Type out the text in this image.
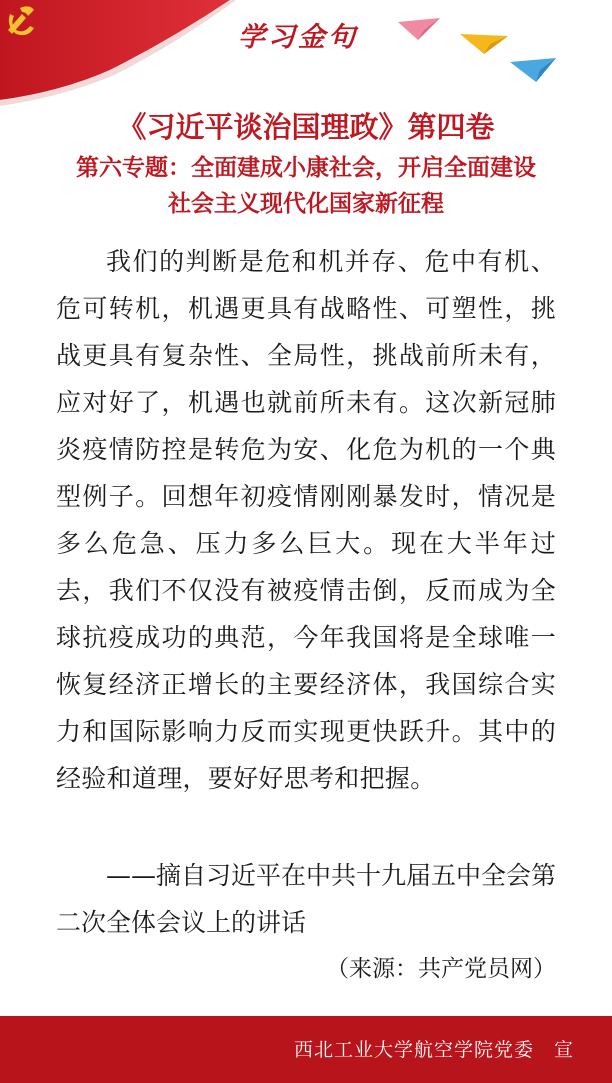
学习金句
《习近平谈治国理政》第四卷
第六专题：全面建成小康社会，开启全面建设
社会主义现代化国家新征程
我们的判断是危和机并存、危中有机、危可转机，机遇更具有战略性、可塑性，挑战更具有复杂性、全局性，挑战前所未有，应对好了，机遇也就前所未有。这次新冠肺炎疫情防控是转危为安、化危为机的一个典型例子。回想年初疫情刚刚暴发时，情况是多么危急、压力多么巨大。现在大半年过去，我们不仅没有被疫情击倒，反而成为全球抗疫成功的典范，今年我国将是全球唯一恢复经济正增长的主要经济体，我国综合实力和国际影响力反而实现更快跃升。其中的经验和道理，要好好思考和把握。
——摘自习近平在中共十九届五中全会第二次全体会议上的讲话
（来源：共产党员网）
西北工业大学航空学院党委　宣
